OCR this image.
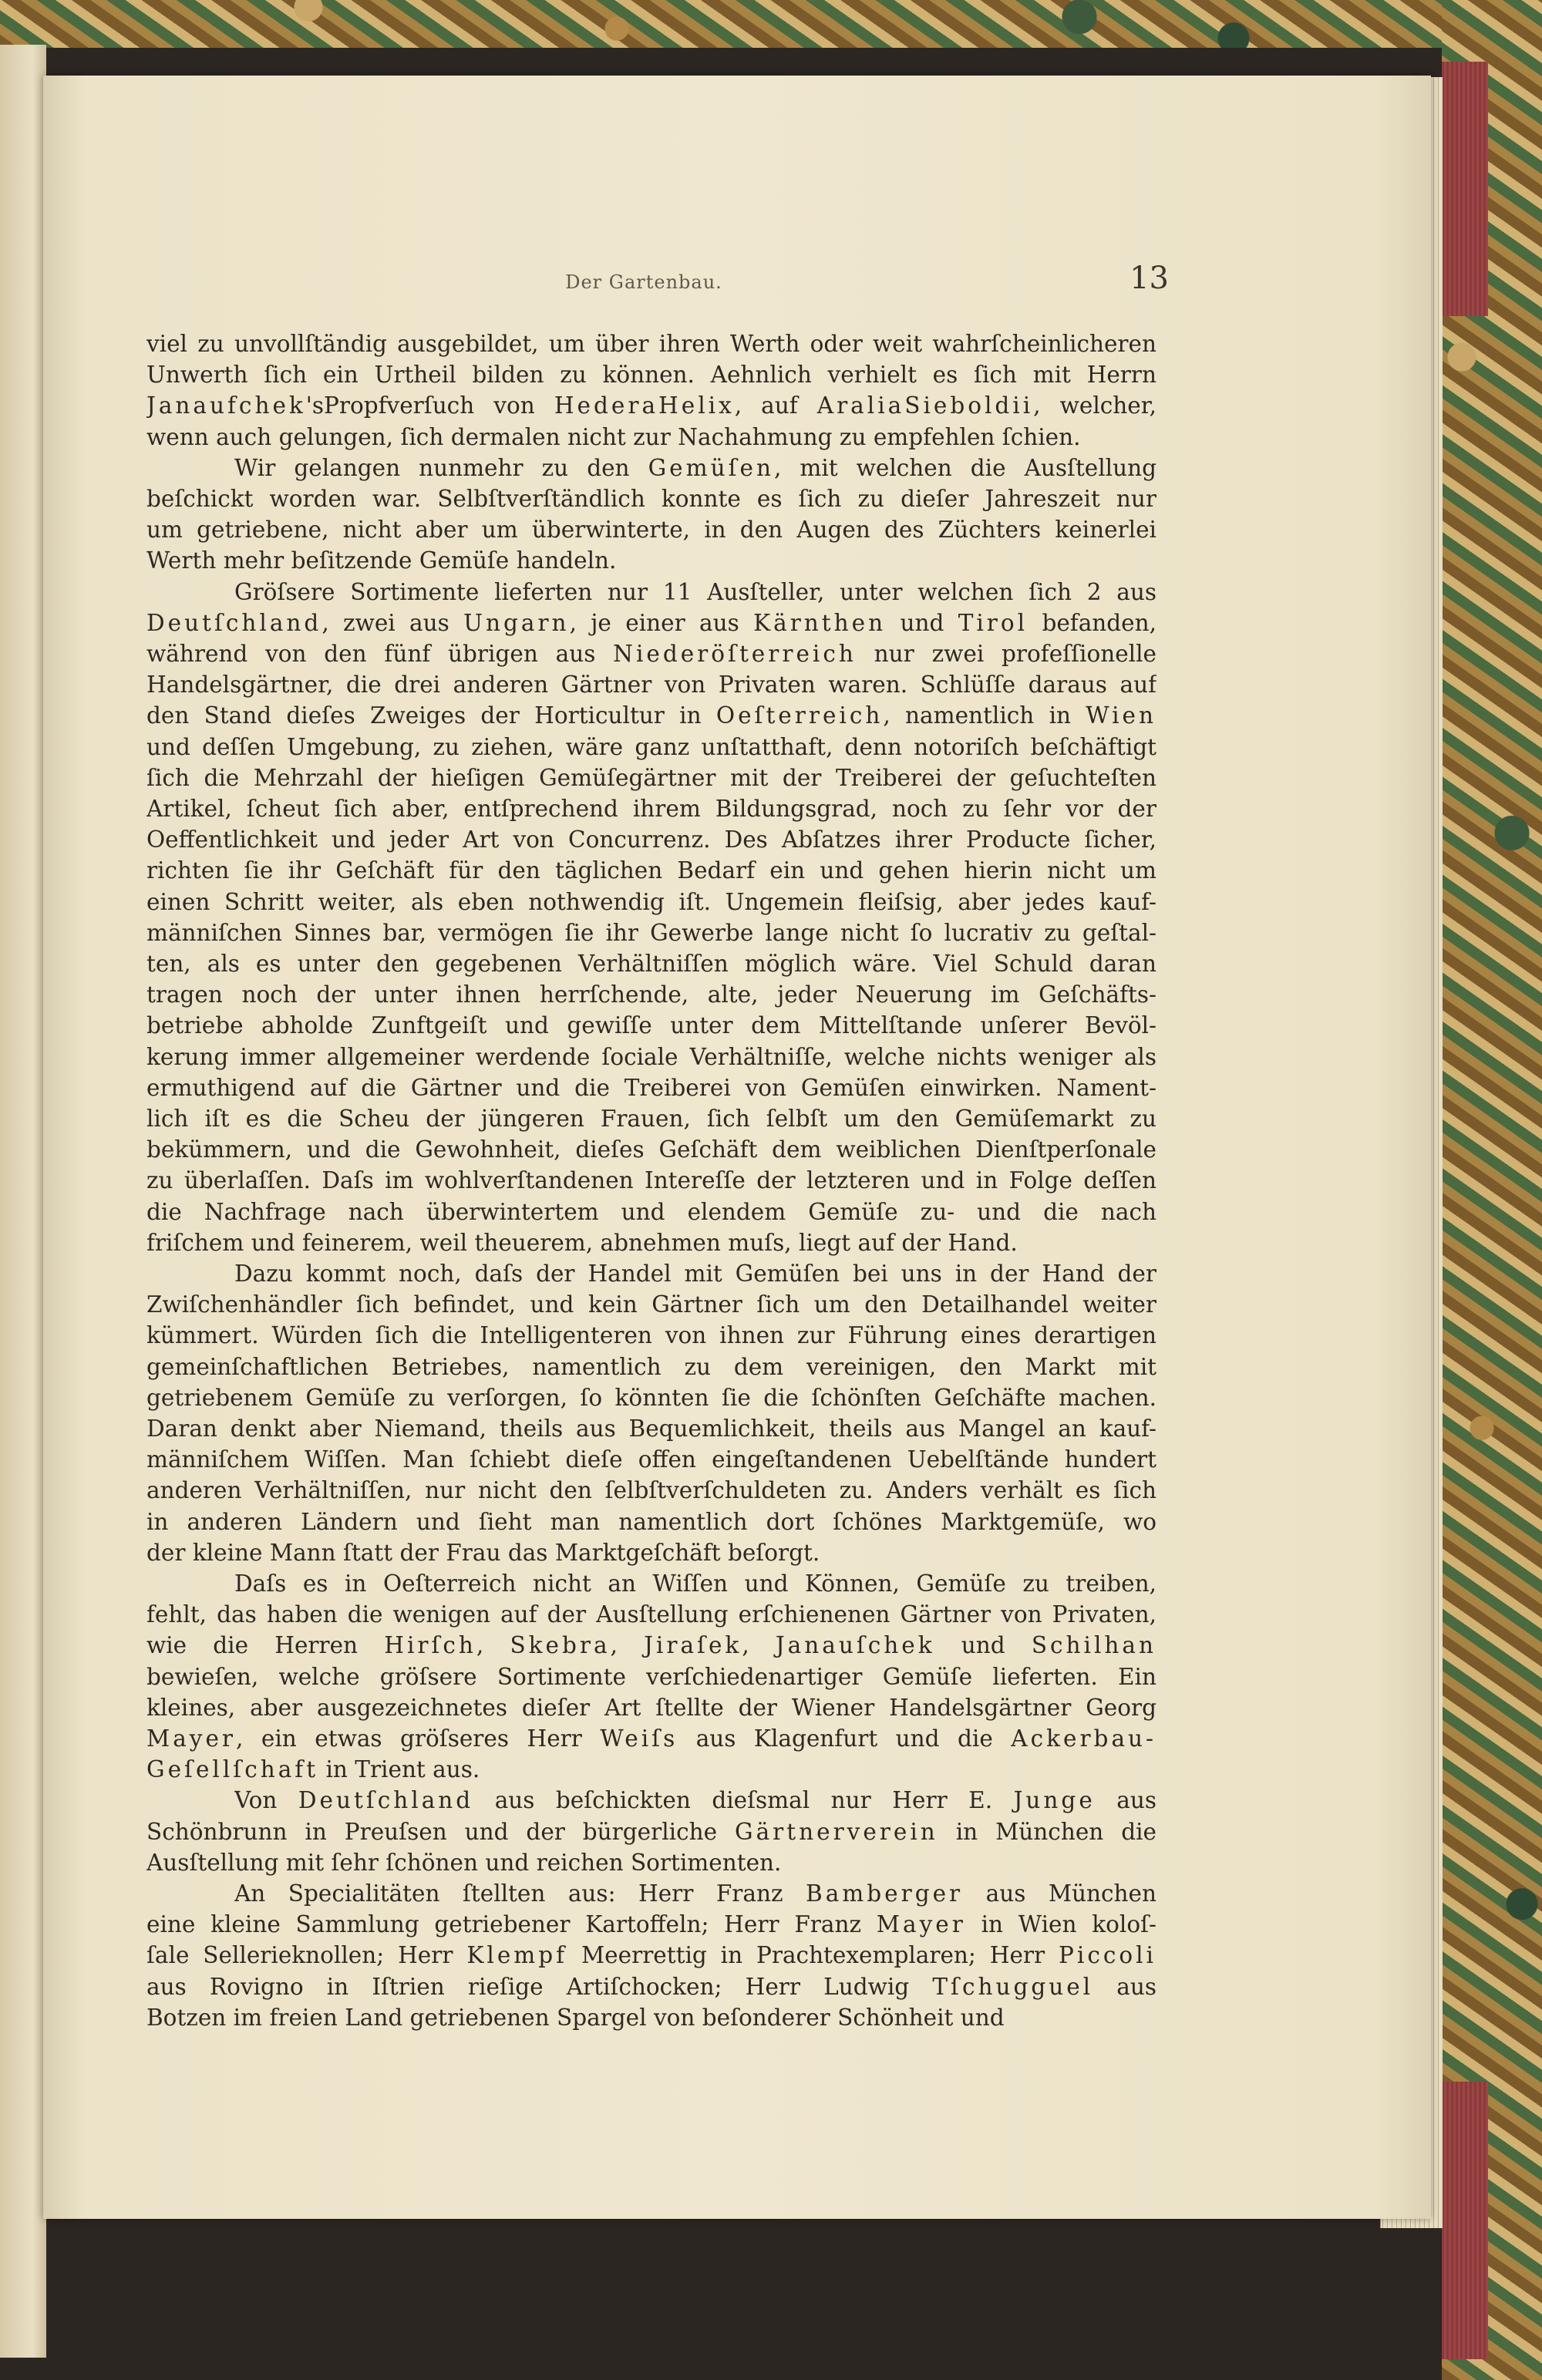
Der Gartenbau.	13
viel zu unvollſtändig ausgebildet, um über ihren Werth oder weit wahrſcheinlicheren
Unwerth ſich ein Urtheil bilden zu können. Aehnlich verhielt es ſich mit Herrn
Janaufchek'sPropfverſuch von HederaHelix, auf AraliaSieboldii, welcher,
wenn auch gelungen, ſich dermalen nicht zur Nachahmung zu empfehlen ſchien.
Wir gelangen nunmehr zu den Gemüſen, mit welchen die Ausſtellung
beſchickt worden war. Selbſtverſtändlich konnte es ſich zu dieſer Jahreszeit nur
um getriebene, nicht aber um überwinterte, in den Augen des Züchters keinerlei
Werth mehr beſitzende Gemüſe handeln.
Gröſsere Sortimente lieferten nur 11 Ausſteller, unter welchen ſich 2 aus
Deutſchland, zwei aus Ungarn, je einer aus Kärnthen und Tirol befanden,
während von den fünf übrigen aus Niederöſterreich nur zwei profeſſionelle
Handelsgärtner, die drei anderen Gärtner von Privaten waren. Schlüſſe daraus auf
den Stand dieſes Zweiges der Horticultur in Oeſterreich, namentlich in Wien
und deſſen Umgebung, zu ziehen, wäre ganz unſtatthaft, denn notoriſch beſchäftigt
ſich die Mehrzahl der hieſigen Gemüſegärtner mit der Treiberei der geſuchteſten
Artikel, ſcheut ſich aber, entſprechend ihrem Bildungsgrad, noch zu ſehr vor der
Oeffentlichkeit und jeder Art von Concurrenz. Des Abſatzes ihrer Producte ſicher,
richten ſie ihr Geſchäft für den täglichen Bedarf ein und gehen hierin nicht um
einen Schritt weiter, als eben nothwendig iſt. Ungemein fleiſsig, aber jedes kauf-
männiſchen Sinnes bar, vermögen ſie ihr Gewerbe lange nicht ſo lucrativ zu geſtal-
ten, als es unter den gegebenen Verhältniſſen möglich wäre. Viel Schuld daran
tragen noch der unter ihnen herrſchende, alte, jeder Neuerung im Geſchäfts-
betriebe abholde Zunftgeiſt und gewiſſe unter dem Mittelſtande unſerer Bevöl-
kerung immer allgemeiner werdende ſociale Verhältniſſe, welche nichts weniger als
ermuthigend auf die Gärtner und die Treiberei von Gemüſen einwirken. Nament-
lich iſt es die Scheu der jüngeren Frauen, ſich ſelbſt um den Gemüſemarkt zu
bekümmern, und die Gewohnheit, dieſes Geſchäft dem weiblichen Dienſtperſonale
zu überlaſſen. Daſs im wohlverſtandenen Intereſſe der letzteren und in Folge deſſen
die Nachfrage nach überwintertem und elendem Gemüſe zu- und die nach
friſchem und feinerem, weil theuerem, abnehmen muſs, liegt auf der Hand.
Dazu kommt noch, daſs der Handel mit Gemüſen bei uns in der Hand der
Zwiſchenhändler ſich befindet, und kein Gärtner ſich um den Detailhandel weiter
kümmert. Würden ſich die Intelligenteren von ihnen zur Führung eines derartigen
gemeinſchaftlichen Betriebes, namentlich zu dem vereinigen, den Markt mit
getriebenem Gemüſe zu verſorgen, ſo könnten ſie die ſchönſten Geſchäfte machen.
Daran denkt aber Niemand, theils aus Bequemlichkeit, theils aus Mangel an kauf-
männiſchem Wiſſen. Man ſchiebt dieſe offen eingeſtandenen Uebelſtände hundert
anderen Verhältniſſen, nur nicht den ſelbſtverſchuldeten zu. Anders verhält es ſich
in anderen Ländern und ſieht man namentlich dort ſchönes Marktgemüſe, wo
der kleine Mann ſtatt der Frau das Marktgeſchäft beſorgt.
Daſs es in Oeſterreich nicht an Wiſſen und Können, Gemüſe zu treiben,
fehlt, das haben die wenigen auf der Ausſtellung erſchienenen Gärtner von Privaten,
wie die Herren Hirſch, Skebra, Jiraſek, Janauſchek und Schilhan
bewieſen, welche gröſsere Sortimente verſchiedenartiger Gemüſe lieferten. Ein
kleines, aber ausgezeichnetes dieſer Art ſtellte der Wiener Handelsgärtner Georg
Mayer, ein etwas gröſseres Herr Weiſs aus Klagenfurt und die Ackerbau-
Geſellſchaft in Trient aus.
Von Deutſchland aus beſchickten dieſsmal nur Herr E. Junge aus
Schönbrunn in Preuſsen und der bürgerliche Gärtnerverein in München die
Ausſtellung mit ſehr ſchönen und reichen Sortimenten.
An Specialitäten ſtellten aus: Herr Franz Bamberger aus München
eine kleine Sammlung getriebener Kartoffeln; Herr Franz Mayer in Wien koloſ-
ſale Sellerieknollen; Herr Klempf Meerrettig in Prachtexemplaren; Herr Piccoli
aus Rovigno in Iſtrien rieſige Artiſchocken; Herr Ludwig Tſchugguel aus
Botzen im freien Land getriebenen Spargel von beſonderer Schönheit und
